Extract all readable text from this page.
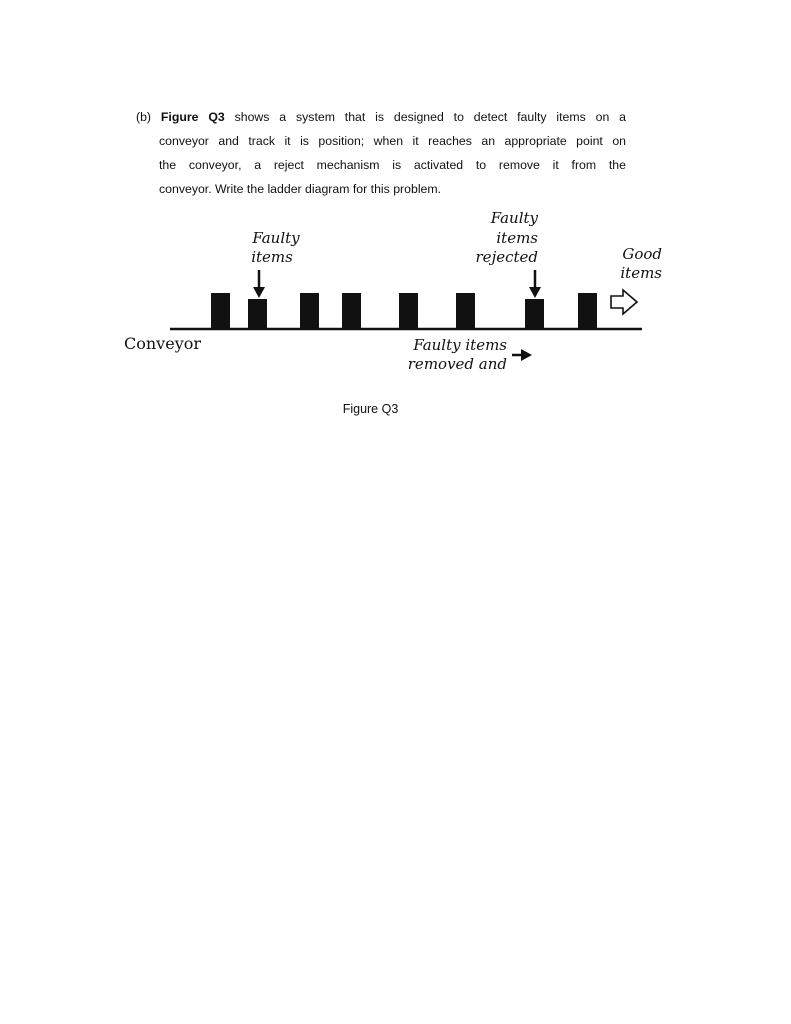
(b) Figure Q3 shows a system that is designed to detect faulty items on a
conveyor and track it is position; when it reaches an appropriate point on
the conveyor, a reject mechanism is activated to remove it from the
conveyor. Write the ladder diagram for this problem.
Faulty
items
Faulty
items
rejected	Good
items
Conveyor	Faulty items
removed and
Figure Q3
